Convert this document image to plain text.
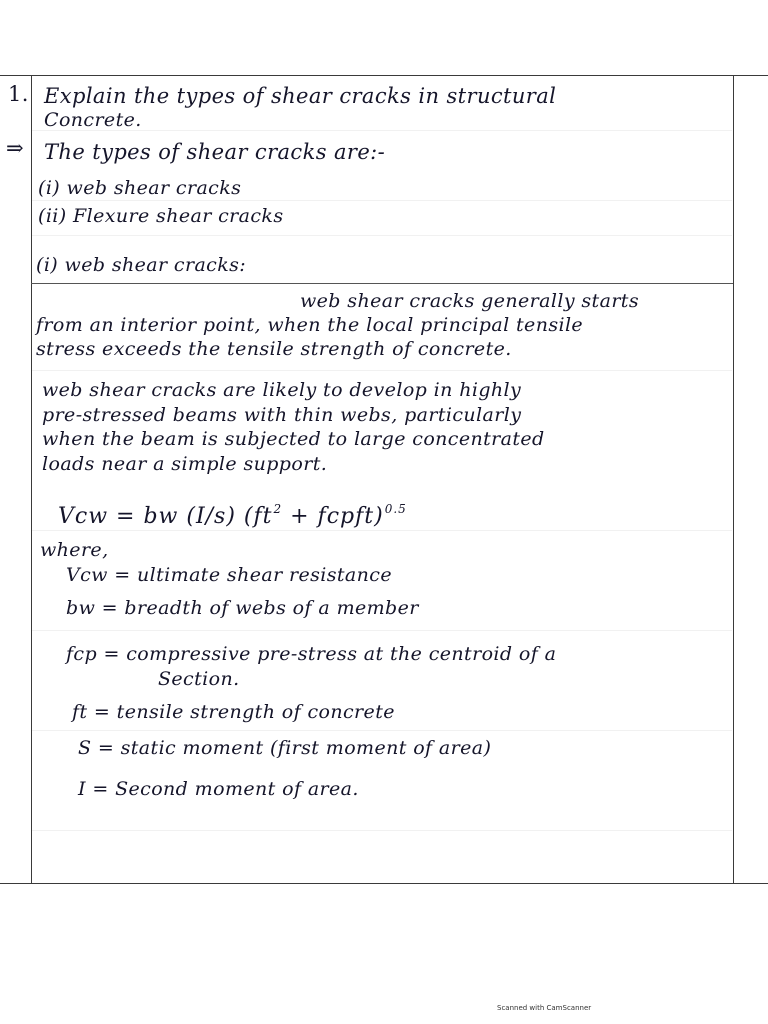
1. Explain the types of shear cracks in structural
Concrete.
⇒ The types of shear cracks are:-
(i) web shear cracks
(ii) Flexure shear cracks
(i) web shear cracks:
web shear cracks generally starts
from an interior point, when the local principal tensile
stress exceeds the tensile strength of concrete.
web shear cracks are likely to develop in highly
pre-stressed beams with thin webs, particularly
when the beam is subjected to large concentrated
loads near a simple support.
Vcw = bw (I/s) ($ft^2$ + fcpft)$^{0.5}$
where,
Vcw = ultimate shear resistance
bw = breadth of webs of a member
fcp = compressive pre-stress at the centroid of a
Section.
ft = tensile strength of concrete
S = static moment (first moment of area)
I = Second moment of area.
Scanned with CamScanner
